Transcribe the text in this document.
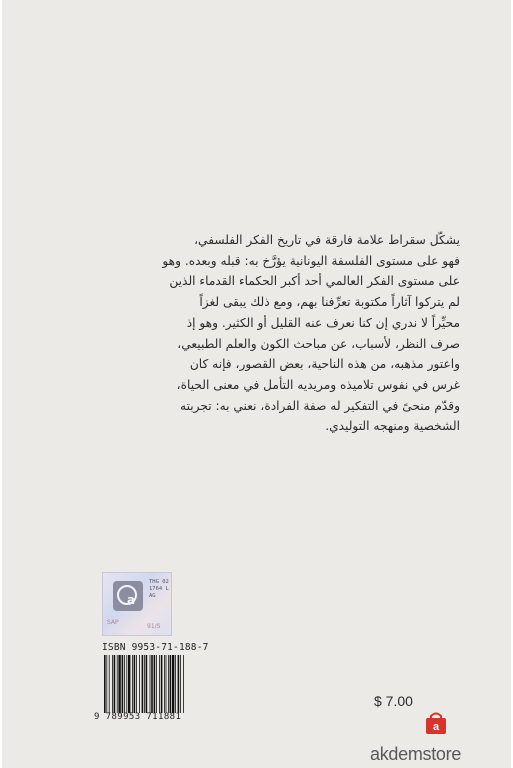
يشكّل سقراط علامة فارقة في تاريخ الفكر الفلسفي،

فهو على مستوى الفلسفة اليونانية يؤرَّخ به: قبله وبعده. وهو

على مستوى الفكر العالمي أحد أكبر الحكماء القدماء الذين

لم يتركوا آثاراً مكتوبة تعرِّفنا بهم، ومع ذلك يبقى لغزاً

محيِّراً لا ندري إن كنا نعرف عنه القليل أو الكثير. وهو إذ

صرف النظر، لأسباب، عن مباحث الكون والعلم الطبيعي،

واعتور مذهبه، من هذه الناحية، بعض القصور، فإنه كان

غرس في نفوس تلاميذه ومريديه التأمل في معنى الحياة،

وقدّم منحىً في التفكير له صفة الفرادة، نعني به: تجربته

الشخصية ومنهجه التوليدي.

a
THG 021764 LAG
SAP
91/S
ISBN 9953-71-188-7
9 789953 711881
$ 7.00
a
akdemstore
